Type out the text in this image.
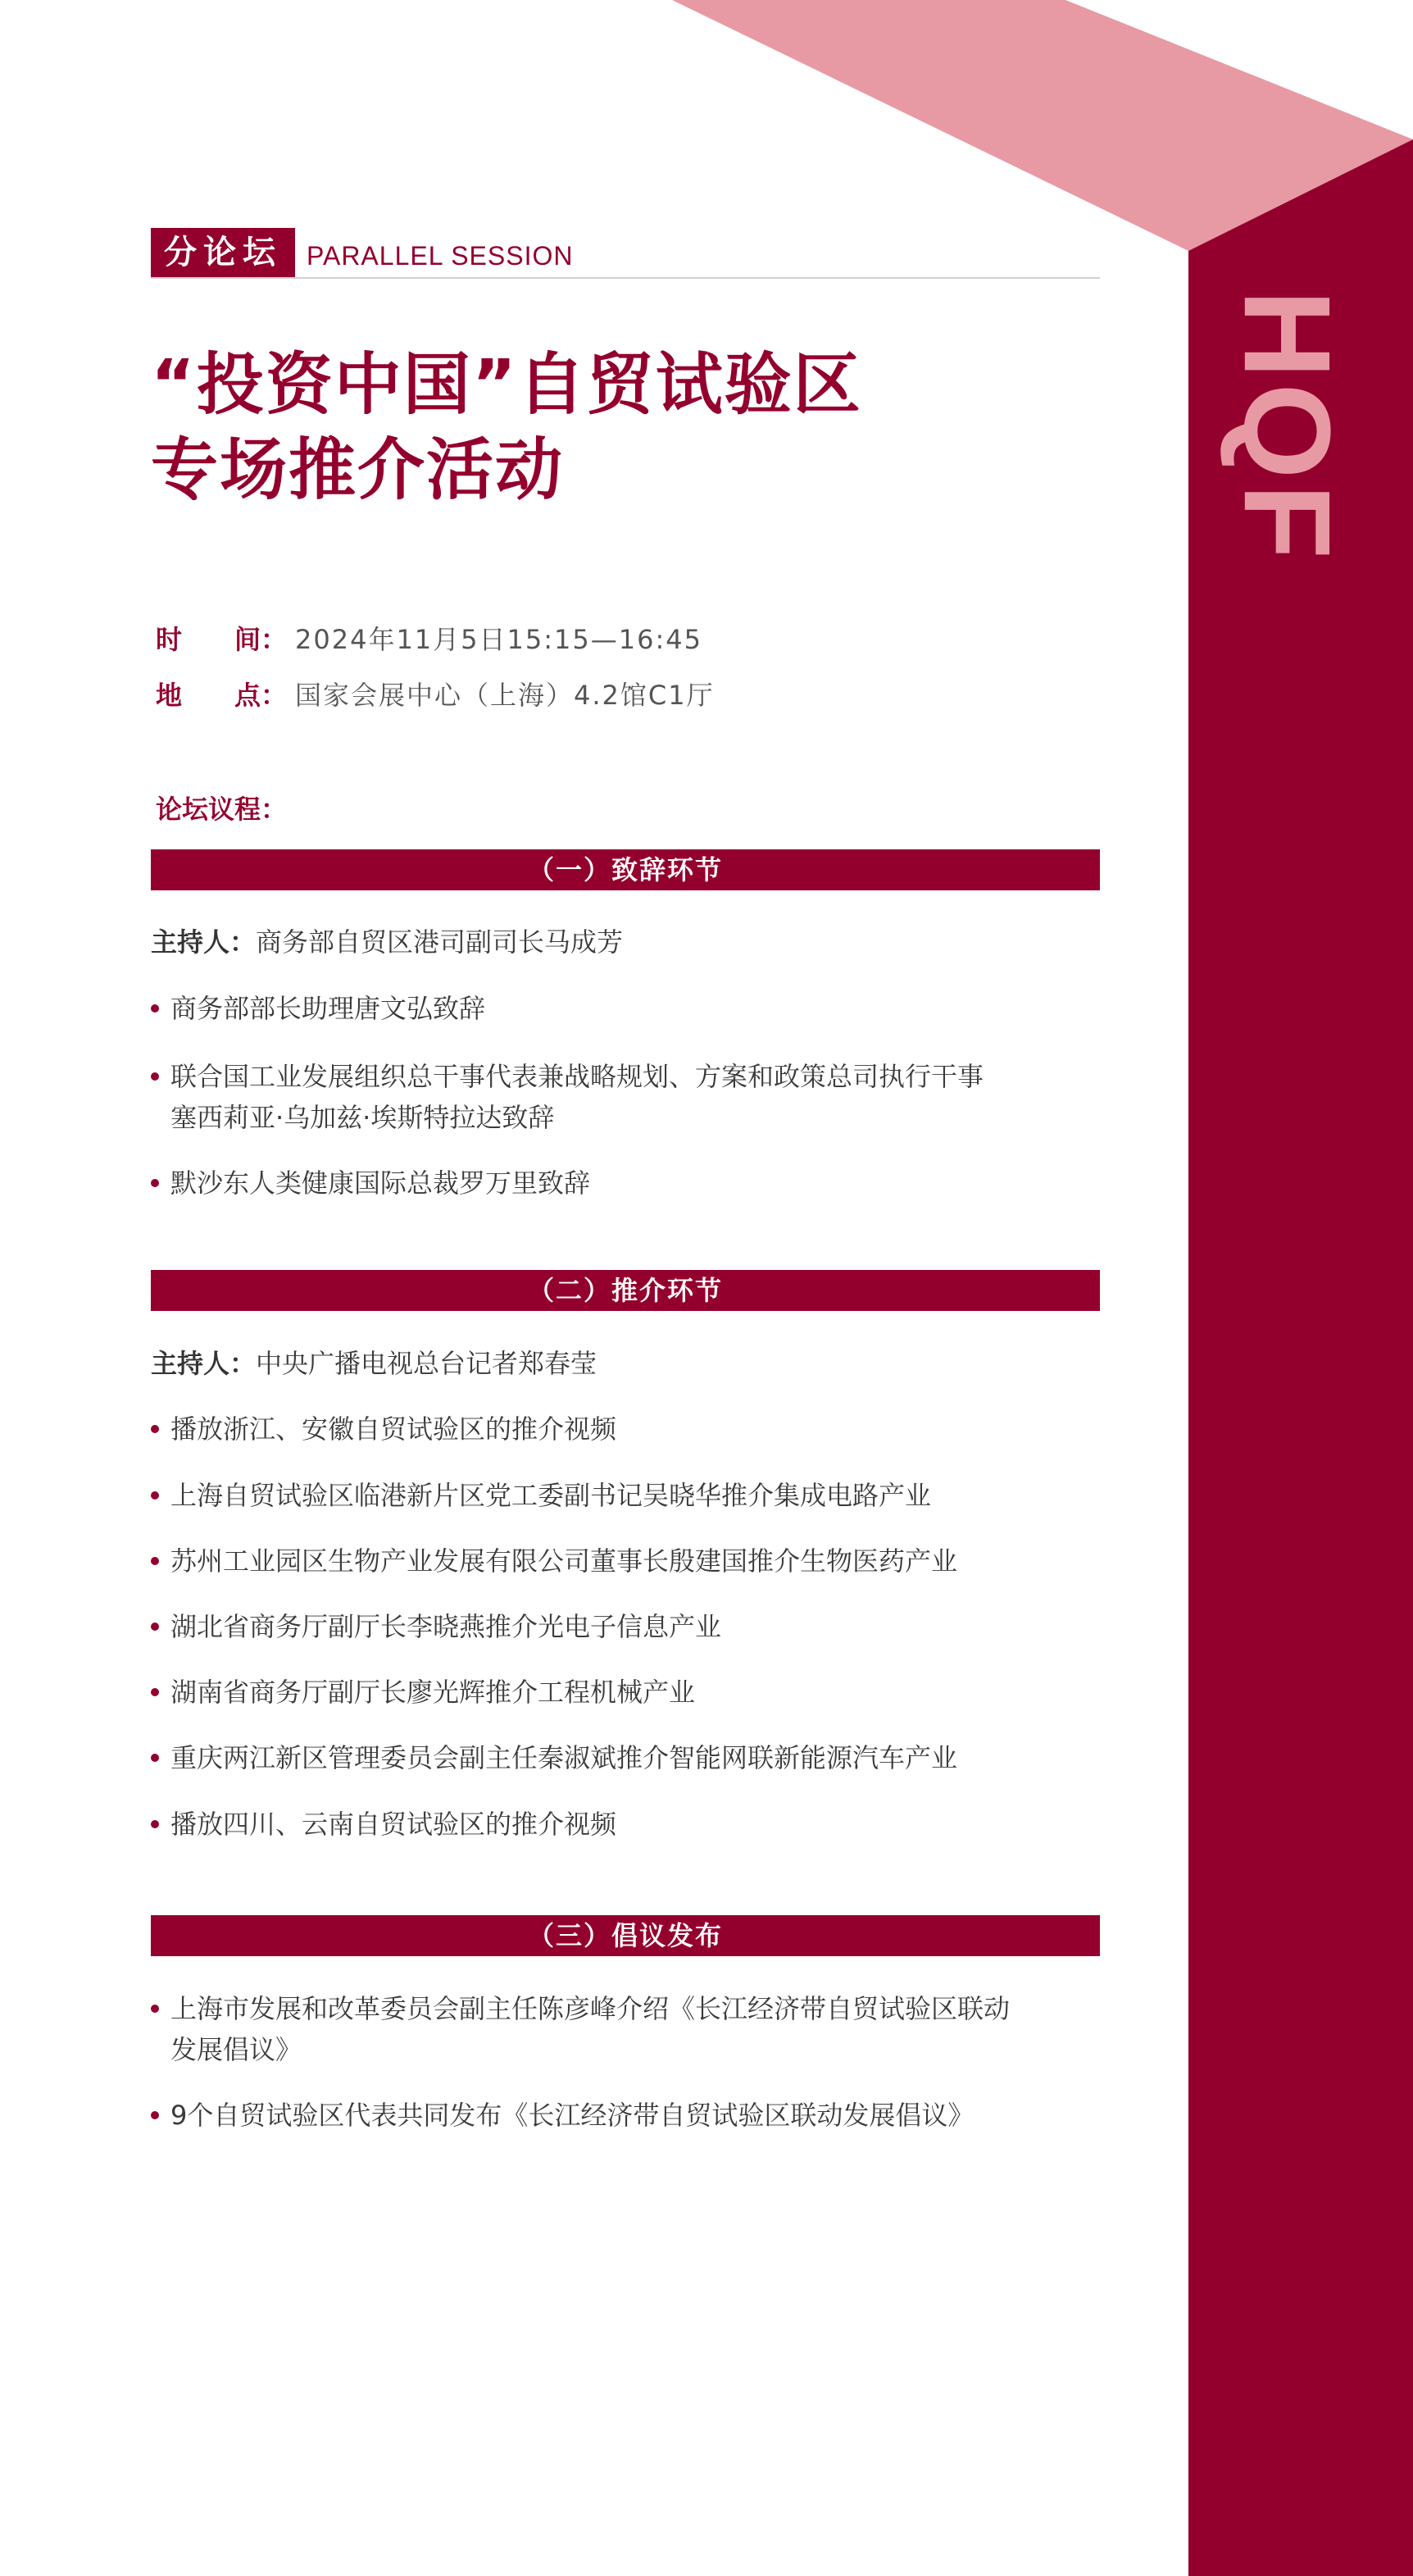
HQF
分论坛 PARALLEL SESSION
“投资中国”自贸试验区
专场推介活动
时　　间： 2024年11月5日15:15—16:45
地　　点： 国家会展中心（上海）4.2馆C1厅
论坛议程：
（一）致辞环节
主持人：商务部自贸区港司副司长马成芳
商务部部长助理唐文弘致辞
联合国工业发展组织总干事代表兼战略规划、方案和政策总司执行干事
塞西莉亚·乌加兹·埃斯特拉达致辞
默沙东人类健康国际总裁罗万里致辞
（二）推介环节
主持人：中央广播电视总台记者郑春莹
播放浙江、安徽自贸试验区的推介视频
上海自贸试验区临港新片区党工委副书记吴晓华推介集成电路产业
苏州工业园区生物产业发展有限公司董事长殷建国推介生物医药产业
湖北省商务厅副厅长李晓燕推介光电子信息产业
湖南省商务厅副厅长廖光辉推介工程机械产业
重庆两江新区管理委员会副主任秦淑斌推介智能网联新能源汽车产业
播放四川、云南自贸试验区的推介视频
（三）倡议发布
上海市发展和改革委员会副主任陈彦峰介绍《长江经济带自贸试验区联动
发展倡议》
9个自贸试验区代表共同发布《长江经济带自贸试验区联动发展倡议》
